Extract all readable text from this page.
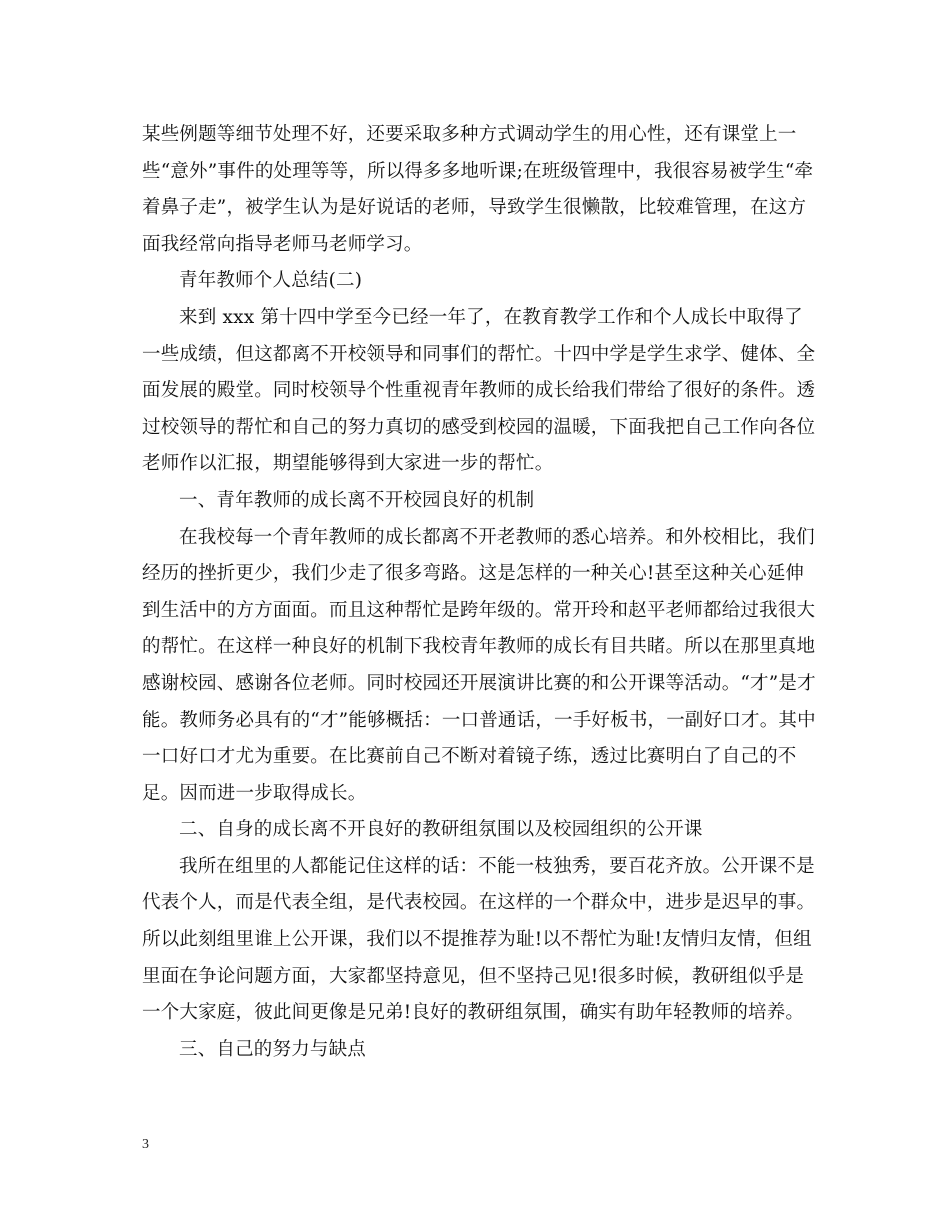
某些例题等细节处理不好，还要采取多种方式调动学生的用心性，还有课堂上一些“意外”事件的处理等等，所以得多多地听课;在班级管理中，我很容易被学生“牵着鼻子走”，被学生认为是好说话的老师，导致学生很懒散，比较难管理，在这方面我经常向指导老师马老师学习。

青年教师个人总结(二)

来到 xxx 第十四中学至今已经一年了，在教育教学工作和个人成长中取得了一些成绩，但这都离不开校领导和同事们的帮忙。十四中学是学生求学、健体、全面发展的殿堂。同时校领导个性重视青年教师的成长给我们带给了很好的条件。透过校领导的帮忙和自己的努力真切的感受到校园的温暖，下面我把自己工作向各位老师作以汇报，期望能够得到大家进一步的帮忙。

一、青年教师的成长离不开校园良好的机制

在我校每一个青年教师的成长都离不开老教师的悉心培养。和外校相比，我们经历的挫折更少，我们少走了很多弯路。这是怎样的一种关心!甚至这种关心延伸到生活中的方方面面。而且这种帮忙是跨年级的。常开玲和赵平老师都给过我很大的帮忙。在这样一种良好的机制下我校青年教师的成长有目共睹。所以在那里真地感谢校园、感谢各位老师。同时校园还开展演讲比赛的和公开课等活动。“才”是才能。教师务必具有的“才”能够概括：一口普通话，一手好板书，一副好口才。其中一口好口才尤为重要。在比赛前自己不断对着镜子练，透过比赛明白了自己的不足。因而进一步取得成长。

二、自身的成长离不开良好的教研组氛围以及校园组织的公开课

我所在组里的人都能记住这样的话：不能一枝独秀，要百花齐放。公开课不是代表个人，而是代表全组，是代表校园。在这样的一个群众中，进步是迟早的事。所以此刻组里谁上公开课，我们以不提推荐为耻!以不帮忙为耻!友情归友情，但组里面在争论问题方面，大家都坚持意见，但不坚持己见!很多时候，教研组似乎是一个大家庭，彼此间更像是兄弟!良好的教研组氛围，确实有助年轻教师的培养。

三、自己的努力与缺点

3
